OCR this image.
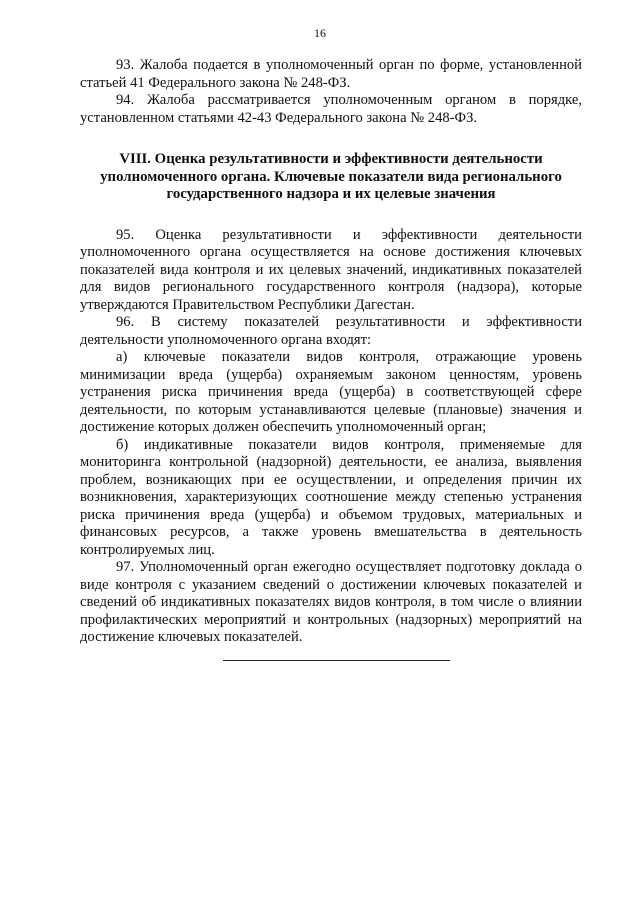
16

93. Жалоба подается в уполномоченный орган по форме, установленной статьей 41 Федерального закона № 248-ФЗ.

94. Жалоба рассматривается уполномоченным органом в порядке, установленном статьями 42-43 Федерального закона № 248-ФЗ.

VIII. Оценка результативности и эффективности деятельности уполномоченного органа. Ключевые показатели вида регионального государственного надзора и их целевые значения

95. Оценка результативности и эффективности деятельности уполномоченного органа осуществляется на основе достижения ключевых показателей вида контроля и их целевых значений, индикативных показателей для видов регионального государственного контроля (надзора), которые утверждаются Правительством Республики Дагестан.

96. В систему показателей результативности и эффективности деятельности уполномоченного органа входят:

а) ключевые показатели видов контроля, отражающие уровень минимизации вреда (ущерба) охраняемым законом ценностям, уровень устранения риска причинения вреда (ущерба) в соответствующей сфере деятельности, по которым устанавливаются целевые (плановые) значения и достижение которых должен обеспечить уполномоченный орган;

б) индикативные показатели видов контроля, применяемые для мониторинга контрольной (надзорной) деятельности, ее анализа, выявления проблем, возникающих при ее осуществлении, и определения причин их возникновения, характеризующих соотношение между степенью устранения риска причинения вреда (ущерба) и объемом трудовых, материальных и финансовых ресурсов, а также уровень вмешательства в деятельность контролируемых лиц.

97. Уполномоченный орган ежегодно осуществляет подготовку доклада о виде контроля с указанием сведений о достижении ключевых показателей и сведений об индикативных показателях видов контроля, в том числе о влиянии профилактических мероприятий и контрольных (надзорных) мероприятий на достижение ключевых показателей.
